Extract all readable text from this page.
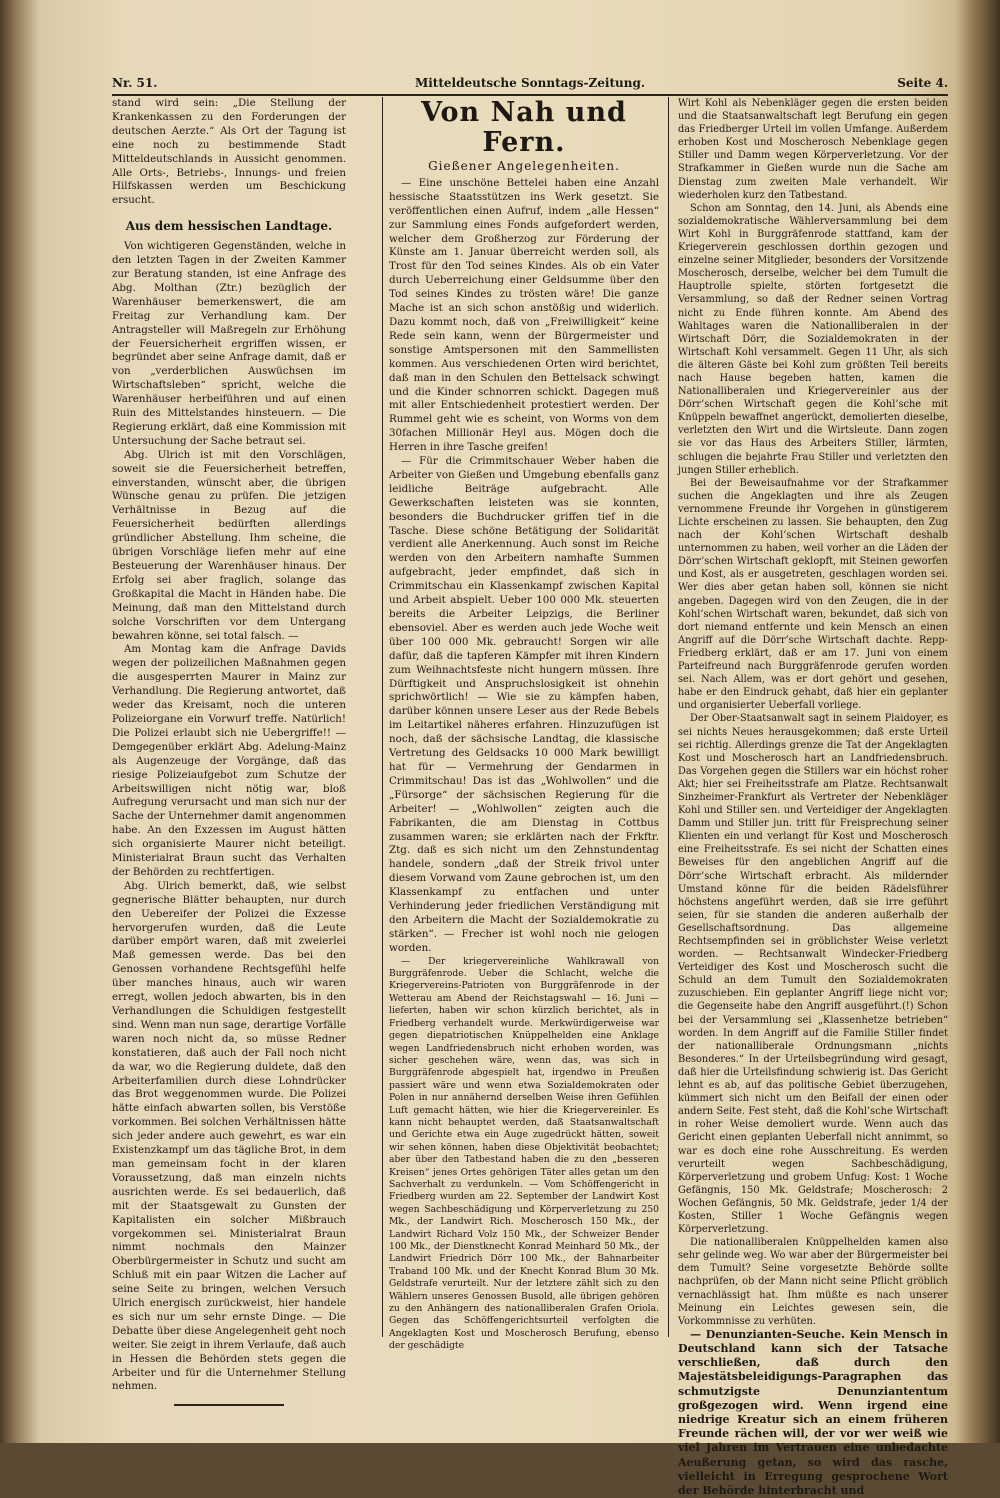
Nr. 51.	Mitteldeutsche Sonntags-Zeitung.	Seite 4.

stand wird sein: „Die Stellung der Krankenkassen zu den Forderungen der deutschen Aerzte.“ Als Ort der Tagung ist eine noch zu bestimmende Stadt Mitteldeutschlands in Aussicht genommen. Alle Orts-, Betriebs-, Innungs- und freien Hilfskassen werden um Beschickung ersucht.

Aus dem hessischen Landtage.

Von wichtigeren Gegenständen, welche in den letzten Tagen in der Zweiten Kammer zur Beratung standen, ist eine Anfrage des Abg. Molthan (Ztr.) bezüglich der Warenhäuser bemerkenswert, die am Freitag zur Verhandlung kam. Der Antragsteller will Maßregeln zur Erhöhung der Feuersicherheit ergriffen wissen, er begründet aber seine Anfrage damit, daß er von „verderblichen Auswüchsen im Wirtschaftsleben“ spricht, welche die Warenhäuser herbeiführen und auf einen Ruin des Mittelstandes hinsteuern. — Die Regierung erklärt, daß eine Kommission mit Untersuchung der Sache betraut sei.

Abg. Ulrich ist mit den Vorschlägen, soweit sie die Feuersicherheit betreffen, einverstanden, wünscht aber, die übrigen Wünsche genau zu prüfen. Die jetzigen Verhältnisse in Bezug auf die Feuersicherheit bedürften allerdings gründlicher Abstellung. Ihm scheine, die übrigen Vorschläge liefen mehr auf eine Besteuerung der Warenhäuser hinaus. Der Erfolg sei aber fraglich, solange das Großkapital die Macht in Händen habe. Die Meinung, daß man den Mittelstand durch solche Vorschriften vor dem Untergang bewahren könne, sei total falsch. —

Am Montag kam die Anfrage Davids wegen der polizeilichen Maßnahmen gegen die ausgesperrten Maurer in Mainz zur Verhandlung. Die Regierung antwortet, daß weder das Kreisamt, noch die unteren Polizeiorgane ein Vorwurf treffe. Natürlich! Die Polizei erlaubt sich nie Uebergriffe!! — Demgegenüber erklärt Abg. Adelung-Mainz als Augenzeuge der Vorgänge, daß das riesige Polizeiaufgebot zum Schutze der Arbeitswilligen nicht nötig war, bloß Aufregung verursacht und man sich nur der Sache der Unternehmer damit angenommen habe. An den Exzessen im August hätten sich organisierte Maurer nicht beteiligt. Ministerialrat Braun sucht das Verhalten der Behörden zu rechtfertigen.

Abg. Ulrich bemerkt, daß, wie selbst gegnerische Blätter behaupten, nur durch den Uebereifer der Polizei die Exzesse hervorgerufen wurden, daß die Leute darüber empört waren, daß mit zweierlei Maß gemessen werde. Das bei den Genossen vorhandene Rechtsgefühl helfe über manches hinaus, auch wir waren erregt, wollen jedoch abwarten, bis in den Verhandlungen die Schuldigen festgestellt sind. Wenn man nun sage, derartige Vorfälle waren noch nicht da, so müsse Redner konstatieren, daß auch der Fall noch nicht da war, wo die Regierung duldete, daß den Arbeiterfamilien durch diese Lohndrücker das Brot weggenommen wurde. Die Polizei hätte einfach abwarten sollen, bis Verstöße vorkommen. Bei solchen Verhältnissen hätte sich jeder andere auch gewehrt, es war ein Existenzkampf um das tägliche Brot, in dem man gemeinsam focht in der klaren Voraussetzung, daß man einzeln nichts ausrichten werde. Es sei bedauerlich, daß mit der Staatsgewalt zu Gunsten der Kapitalisten ein solcher Mißbrauch vorgekommen sei. Ministerialrat Braun nimmt nochmals den Mainzer Oberbürgermeister in Schutz und sucht am Schluß mit ein paar Witzen die Lacher auf seine Seite zu bringen, welchen Versuch Ulrich energisch zurückweist, hier handele es sich nur um sehr ernste Dinge. — Die Debatte über diese Angelegenheit geht noch weiter. Sie zeigt in ihrem Verlaufe, daß auch in Hessen die Behörden stets gegen die Arbeiter und für die Unternehmer Stellung nehmen.

Von Nah und Fern.
Gießener Angelegenheiten.

— Eine unschöne Bettelei haben eine Anzahl hessische Staatsstützen ins Werk gesetzt. Sie veröffentlichen einen Aufruf, indem „alle Hessen“ zur Sammlung eines Fonds aufgefordert werden, welcher dem Großherzog zur Förderung der Künste am 1. Januar überreicht werden soll, als Trost für den Tod seines Kindes. Als ob ein Vater durch Ueberreichung einer Geldsumme über den Tod seines Kindes zu trösten wäre! Die ganze Mache ist an sich schon anstößig und widerlich. Dazu kommt noch, daß von „Freiwilligkeit“ keine Rede sein kann, wenn der Bürgermeister und sonstige Amtspersonen mit den Sammellisten kommen. Aus verschiedenen Orten wird berichtet, daß man in den Schulen den Bettelsack schwingt und die Kinder schnorren schickt. Dagegen muß mit aller Entschiedenheit protestiert werden. Der Rummel geht wie es scheint, von Worms von dem 30fachen Millionär Heyl aus. Mögen doch die Herren in ihre Tasche greifen!

— Für die Crimmitschauer Weber haben die Arbeiter von Gießen und Umgebung ebenfalls ganz leidliche Beiträge aufgebracht. Alle Gewerkschaften leisteten was sie konnten, besonders die Buchdrucker griffen tief in die Tasche. Diese schöne Betätigung der Solidarität verdient alle Anerkennung. Auch sonst im Reiche werden von den Arbeitern namhafte Summen aufgebracht, jeder empfindet, daß sich in Crimmitschau ein Klassenkampf zwischen Kapital und Arbeit abspielt. Ueber 100 000 Mk. steuerten bereits die Arbeiter Leipzigs, die Berliner ebensoviel. Aber es werden auch jede Woche weit über 100 000 Mk. gebraucht! Sorgen wir alle dafür, daß die tapferen Kämpfer mit ihren Kindern zum Weihnachtsfeste nicht hungern müssen. Ihre Dürftigkeit und Anspruchslosigkeit ist ohnehin sprichwörtlich! — Wie sie zu kämpfen haben, darüber können unsere Leser aus der Rede Bebels im Leitartikel näheres erfahren. Hinzuzufügen ist noch, daß der sächsische Landtag, die klassische Vertretung des Geldsacks 10 000 Mark bewilligt hat für — Vermehrung der Gendarmen in Crimmitschau! Das ist das „Wohlwollen“ und die „Fürsorge“ der sächsischen Regierung für die Arbeiter! — „Wohlwollen“ zeigten auch die Fabrikanten, die am Dienstag in Cottbus zusammen waren; sie erklärten nach der Frkftr. Ztg. daß es sich nicht um den Zehnstundentag handele, sondern „daß der Streik frivol unter diesem Vorwand vom Zaune gebrochen ist, um den Klassenkampf zu entfachen und unter Verhinderung jeder friedlichen Verständigung mit den Arbeitern die Macht der Sozialdemokratie zu stärken“. — Frecher ist wohl noch nie gelogen worden.

— Der kriegervereinliche Wahlkrawall von Burggräfenrode. Ueber die Schlacht, welche die Kriegervereins-Patrioten von Burggräfenrode in der Wetterau am Abend der Reichstagswahl — 16. Juni — lieferten, haben wir schon kürzlich berichtet, als in Friedberg verhandelt wurde. Merkwürdigerweise war gegen diepatriotischen Knüppelhelden eine Anklage wegen Landfriedensbruch nicht erhoben worden, was sicher geschehen wäre, wenn das, was sich in Burggräfenrode abgespielt hat, irgendwo in Preußen passiert wäre und wenn etwa Sozialdemokraten oder Polen in nur annähernd derselben Weise ihren Gefühlen Luft gemacht hätten, wie hier die Kriegervereinler. Es kann nicht behauptet werden, daß Staatsanwaltschaft und Gerichte etwa ein Auge zugedrückt hätten, soweit wir sehen können, haben diese Objektivität beobachtet; aber über den Tatbestand haben die zu den „besseren Kreisen“ jenes Ortes gehörigen Täter alles getan um den Sachverhalt zu verdunkeln. — Vom Schöffengericht in Friedberg wurden am 22. September der Landwirt Kost wegen Sachbeschädigung und Körperverletzung zu 250 Mk., der Landwirt Rich. Moscherosch 150 Mk., der Landwirt Richard Volz 150 Mk., der Schweizer Bender 100 Mk., der Dienstknecht Konrad Meinhard 50 Mk., der Landwirt Friedrich Dörr 100 Mk., der Bahnarbeiter Traband 100 Mk. und der Knecht Konrad Blum 30 Mk. Geldstrafe verurteilt. Nur der letztere zählt sich zu den Wählern unseres Genossen Busold, alle übrigen gehören zu den Anhängern des nationalliberalen Grafen Oriola. Gegen das Schöffengerichtsurteil verfolgten die Angeklagten Kost und Moscherosch Berufung, ebenso der geschädigte

Wirt Kohl als Nebenkläger gegen die ersten beiden und die Staatsanwaltschaft legt Berufung ein gegen das Friedberger Urteil im vollen Umfange. Außerdem erhoben Kost und Moscherosch Nebenklage gegen Stiller und Damm wegen Körperverletzung. Vor der Strafkammer in Gießen wurde nun die Sache am Dienstag zum zweiten Male verhandelt. Wir wiederholen kurz den Tatbestand.

Schon am Sonntag, den 14. Juni, als Abends eine sozialdemokratische Wählerversammlung bei dem Wirt Kohl in Burggräfenrode stattfand, kam der Kriegerverein geschlossen dorthin gezogen und einzelne seiner Mitglieder, besonders der Vorsitzende Moscherosch, derselbe, welcher bei dem Tumult die Hauptrolle spielte, störten fortgesetzt die Versammlung, so daß der Redner seinen Vortrag nicht zu Ende führen konnte. Am Abend des Wahltages waren die Nationalliberalen in der Wirtschaft Dörr, die Sozialdemokraten in der Wirtschaft Kohl versammelt. Gegen 11 Uhr, als sich die älteren Gäste bei Kohl zum größten Teil bereits nach Hause begeben hatten, kamen die Nationalliberalen und Kriegervereinler aus der Dörr’schen Wirtschaft gegen die Kohl’sche mit Knüppeln bewaffnet angerückt, demolierten dieselbe, verletzten den Wirt und die Wirtsleute. Dann zogen sie vor das Haus des Arbeiters Stiller, lärmten, schlugen die bejahrte Frau Stiller und verletzten den jungen Stiller erheblich.

Bei der Beweisaufnahme vor der Strafkammer suchen die Angeklagten und ihre als Zeugen vernommene Freunde ihr Vorgehen in günstigerem Lichte erscheinen zu lassen. Sie behaupten, den Zug nach der Kohl’schen Wirtschaft deshalb unternommen zu haben, weil vorher an die Läden der Dörr’schen Wirtschaft geklopft, mit Steinen geworfen und Kost, als er ausgetreten, geschlagen worden sei. Wer dies aber getan haben soll, können sie nicht angeben. Dagegen wird von den Zeugen, die in der Kohl’schen Wirtschaft waren, bekundet, daß sich von dort niemand entfernte und kein Mensch an einen Angriff auf die Dörr’sche Wirtschaft dachte. Repp-Friedberg erklärt, daß er am 17. Juni von einem Parteifreund nach Burggräfenrode gerufen worden sei. Nach Allem, was er dort gehört und gesehen, habe er den Eindruck gehabt, daß hier ein geplanter und organisierter Ueberfall vorliege.

Der Ober-Staatsanwalt sagt in seinem Plaidoyer, es sei nichts Neues herausgekommen; daß erste Urteil sei richtig. Allerdings grenze die Tat der Angeklagten Kost und Moscherosch hart an Landfriedensbruch. Das Vorgehen gegen die Stillers war ein höchst roher Akt; hier sei Freiheitsstrafe am Platze. Rechtsanwalt Sinzheimer-Frankfurt als Vertreter der Nebenkläger Kohl und Stiller sen. und Verteidiger der Angeklagten Damm und Stiller jun. tritt für Freisprechung seiner Klienten ein und verlangt für Kost und Moscherosch eine Freiheitsstrafe. Es sei nicht der Schatten eines Beweises für den angeblichen Angriff auf die Dörr’sche Wirtschaft erbracht. Als mildernder Umstand könne für die beiden Rädelsführer höchstens angeführt werden, daß sie irre geführt seien, für sie standen die anderen außerhalb der Gesellschaftsordnung. Das allgemeine Rechtsempfinden sei in gröblichster Weise verletzt worden. — Rechtsanwalt Windecker-Friedberg Verteidiger des Kost und Moscherosch sucht die Schuld an dem Tumult den Sozialdemokraten zuzuschieben. Ein geplanter Angriff liege nicht vor; die Gegenseite habe den Angriff ausgeführt.(!) Schon bei der Versammlung sei „Klassenhetze betrieben“ worden. In dem Angriff auf die Familie Stiller findet der nationalliberale Ordnungsmann „nichts Besonderes.“ In der Urteilsbegründung wird gesagt, daß hier die Urteilsfindung schwierig ist. Das Gericht lehnt es ab, auf das politische Gebiet überzugehen, kümmert sich nicht um den Beifall der einen oder andern Seite. Fest steht, daß die Kohl’sche Wirtschaft in roher Weise demoliert wurde. Wenn auch das Gericht einen geplanten Ueberfall nicht annimmt, so war es doch eine rohe Ausschreitung. Es werden verurteilt wegen Sachbeschädigung, Körperverletzung und grobem Unfug: Kost: 1 Woche Gefängnis, 150 Mk. Geldstrafe; Moscherosch: 2 Wochen Gefängnis, 50 Mk. Geldstrafe, jeder 1/4 der Kosten, Stiller 1 Woche Gefängnis wegen Körperverletzung.

Die nationalliberalen Knüppelhelden kamen also sehr gelinde weg. Wo war aber der Bürgermeister bei dem Tumult? Seine vorgesetzte Behörde sollte nachprüfen, ob der Mann nicht seine Pflicht gröblich vernachlässigt hat. Ihm müßte es nach unserer Meinung ein Leichtes gewesen sein, die Vorkommnisse zu verhüten.

— Denunzianten-Seuche. Kein Mensch in Deutschland kann sich der Tatsache verschließen, daß durch den Majestätsbeleidigungs-Paragraphen das schmutzigste Denunziantentum großgezogen wird. Wenn irgend eine niedrige Kreatur sich an einem früheren Freunde rächen will, der vor wer weiß wie viel Jahren im Vertrauen eine unbedachte Aeußerung getan, so wird das rasche, vielleicht in Erregung gesprochene Wort der Behörde hinterbracht und
